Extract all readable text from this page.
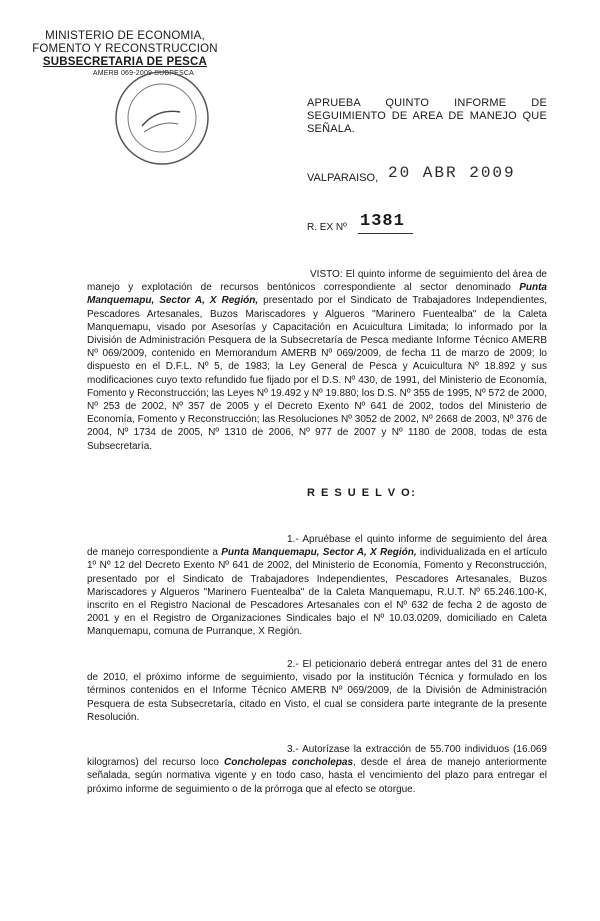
MINISTERIO DE ECONOMIA,
FOMENTO Y RECONSTRUCCION
SUBSECRETARIA DE PESCA
AMERB 069-2009 SUBPESCA
APRUEBA QUINTO INFORME DE
SEGUIMIENTO DE AREA DE MANEJO QUE SEÑALA.
VALPARAISO, 20 ABR 2009
R. EX Nº 1381

VISTO: El quinto informe de seguimiento del área de manejo y explotación de recursos bentónicos correspondiente al sector denominado Punta Manquemapu, Sector A, X Región, presentado por el Sindicato de Trabajadores Independientes, Pescadores Artesanales, Buzos Mariscadores y Algueros "Marinero Fuentealba" de la Caleta Manquemapu, visado por Asesorías y Capacitación en Acuicultura Limitada; lo informado por la División de Administración Pesquera de la Subsecretaría de Pesca mediante Informe Técnico AMERB Nº 069/2009, contenido en Memorandum AMERB Nº 069/2009, de fecha 11 de marzo de 2009; lo dispuesto en el D.F.L. Nº 5, de 1983; la Ley General de Pesca y Acuicultura Nº 18.892 y sus modificaciones cuyo texto refundido fue fijado por el D.S. Nº 430, de 1991, del Ministerio de Economía, Fomento y Reconstrucción; las Leyes Nº 19.492 y Nº 19.880; los D.S. Nº 355 de 1995, Nº 572 de 2000, Nº 253 de 2002, Nº 357 de 2005 y el Decreto Exento Nº 641 de 2002, todos del Ministerio de Economía, Fomento y Reconstrucción; las Resoluciones Nº 3052 de 2002, Nº 2668 de 2003, Nº 376 de 2004, Nº 1734 de 2005, Nº 1310 de 2006, Nº 977 de 2007 y Nº 1180 de 2008, todas de esta Subsecretaría.

R E S U E L V O:

1.- Apruébase el quinto informe de seguimiento del área de manejo correspondiente a Punta Manquemapu, Sector A, X Región, individualizada en el artículo 1º Nº 12 del Decreto Exento Nº 641 de 2002, del Ministerio de Economía, Fomento y Reconstrucción, presentado por el Sindicato de Trabajadores Independientes, Pescadores Artesanales, Buzos Mariscadores y Algueros "Marinero Fuentealba" de la Caleta Manquemapu, R.U.T. Nº 65.246.100-K, inscrito en el Registro Nacional de Pescadores Artesanales con el Nº 632 de fecha 2 de agosto de 2001 y en el Registro de Organizaciones Sindicales bajo el Nº 10.03.0209, domiciliado en Caleta Manquemapu, comuna de Purranque, X Región.

2.- El peticionario deberá entregar antes del 31 de enero de 2010, el próximo informe de seguimiento, visado por la institución Técnica y formulado en los términos contenidos en el Informe Técnico AMERB Nº 069/2009, de la División de Administración Pesquera de esta Subsecretaría, citado en Visto, el cual se considera parte integrante de la presente Resolución.

3.- Autorízase la extracción de 55.700 individuos (16.069 kilogramos) del recurso loco Concholepas concholepas, desde el área de manejo anteriormente señalada, según normativa vigente y en todo caso, hasta el vencimiento del plazo para entregar el próximo informe de seguimiento o de la prórroga que al efecto se otorgue.
